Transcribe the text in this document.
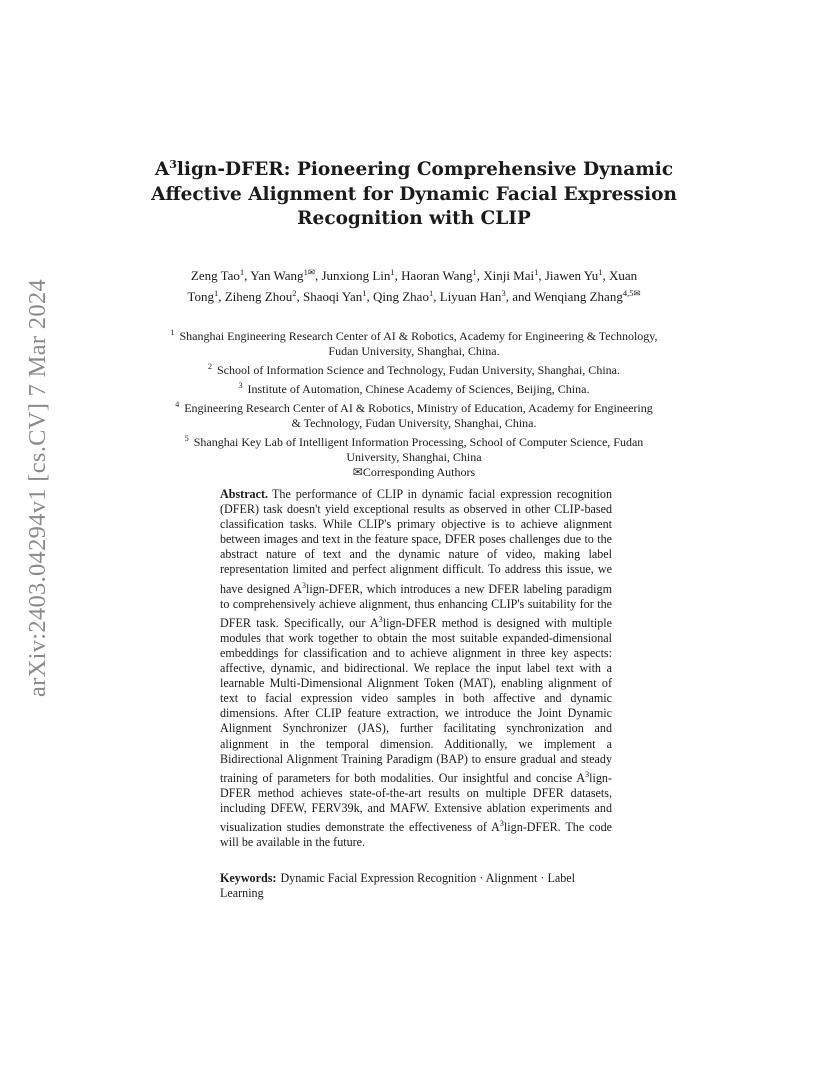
arXiv:2403.04294v1 [cs.CV] 7 Mar 2024
$A^3lign$-DFER: Pioneering Comprehensive Dynamic Affective Alignment for Dynamic Facial Expression Recognition with CLIP
Zeng Tao$^1$, Yan Wang$^{1✉}$, Junxiong Lin$^1$, Haoran Wang$^1$, Xinji Mai$^1$, Jiawen Yu$^1$, Xuan Tong$^1$, Ziheng Zhou$^2$, Shaoqi Yan$^1$, Qing Zhao$^1$, Liyuan Han$^3$, and Wenqiang Zhang$^{4,5✉}$
$^1$ Shanghai Engineering Research Center of AI & Robotics, Academy for Engineering & Technology, Fudan University, Shanghai, China.
$^2$ School of Information Science and Technology, Fudan University, Shanghai, China.
$^3$ Institute of Automation, Chinese Academy of Sciences, Beijing, China.
$^4$ Engineering Research Center of AI & Robotics, Ministry of Education, Academy for Engineering & Technology, Fudan University, Shanghai, China.
$^5$ Shanghai Key Lab of Intelligent Information Processing, School of Computer Science, Fudan University, Shanghai, China
✉Corresponding Authors
Abstract. The performance of CLIP in dynamic facial expression recognition (DFER) task doesn't yield exceptional results as observed in other CLIP-based classification tasks. While CLIP's primary objective is to achieve alignment between images and text in the feature space, DFER poses challenges due to the abstract nature of text and the dynamic nature of video, making label representation limited and perfect alignment difficult. To address this issue, we have designed $A^3lign$-DFER, which introduces a new DFER labeling paradigm to comprehensively achieve alignment, thus enhancing CLIP's suitability for the DFER task. Specifically, our $A^3lign$-DFER method is designed with multiple modules that work together to obtain the most suitable expanded-dimensional embeddings for classification and to achieve alignment in three key aspects: affective, dynamic, and bidirectional. We replace the input label text with a learnable Multi-Dimensional Alignment Token (MAT), enabling alignment of text to facial expression video samples in both affective and dynamic dimensions. After CLIP feature extraction, we introduce the Joint Dynamic Alignment Synchronizer (JAS), further facilitating synchronization and alignment in the temporal dimension. Additionally, we implement a Bidirectional Alignment Training Paradigm (BAP) to ensure gradual and steady training of parameters for both modalities. Our insightful and concise $A^3lign$-DFER method achieves state-of-the-art results on multiple DFER datasets, including DFEW, FERV39k, and MAFW. Extensive ablation experiments and visualization studies demonstrate the effectiveness of $A^3lign$-DFER. The code will be available in the future.
Keywords: Dynamic Facial Expression Recognition · Alignment · Label Learning
